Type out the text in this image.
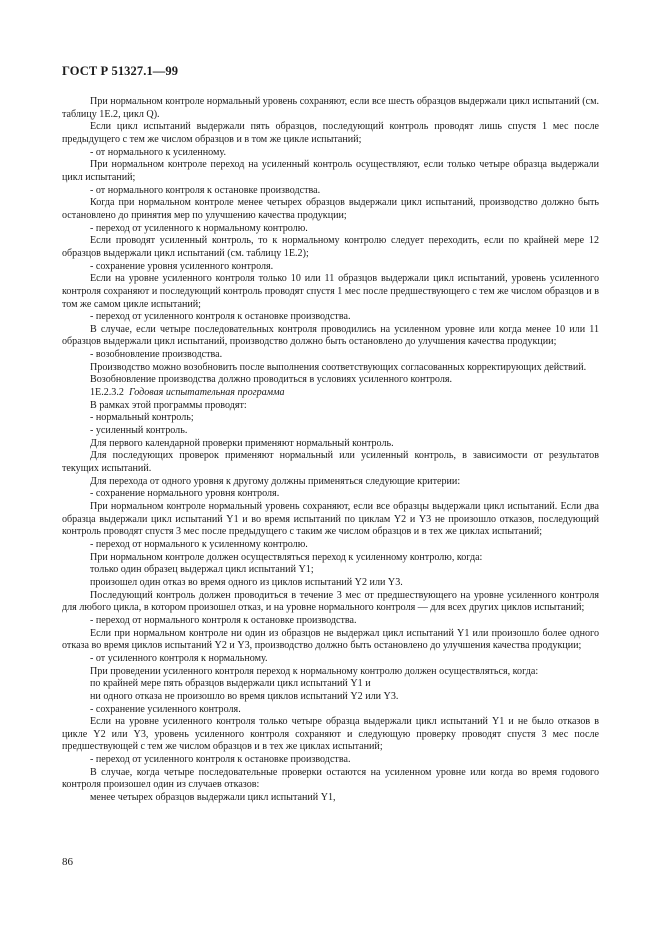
ГОСТ Р 51327.1—99

При нормальном контроле нормальный уровень сохраняют, если все шесть образцов выдержали цикл испытаний (см. таблицу 1Е.2, цикл Q).

Если цикл испытаний выдержали пять образцов, последующий контроль проводят лишь спустя 1 мес после предыдущего с тем же числом образцов и в том же цикле испытаний;

- от нормального к усиленному.

При нормальном контроле переход на усиленный контроль осуществляют, если только четыре образца выдержали цикл испытаний;

- от нормального контроля к остановке производства.

Когда при нормальном контроле менее четырех образцов выдержали цикл испытаний, производство должно быть остановлено до принятия мер по улучшению качества продукции;

- переход от усиленного к нормальному контролю.

Если проводят усиленный контроль, то к нормальному контролю следует переходить, если по крайней мере 12 образцов выдержали цикл испытаний (см. таблицу 1Е.2);

- сохранение уровня усиленного контроля.

Если на уровне усиленного контроля только 10 или 11 образцов выдержали цикл испытаний, уровень усиленного контроля сохраняют и последующий контроль проводят спустя 1 мес после предшествующего с тем же числом образцов и в том же самом цикле испытаний;

- переход от усиленного контроля к остановке производства.

В случае, если четыре последовательных контроля проводились на усиленном уровне или когда менее 10 или 11 образцов выдержали цикл испытаний, производство должно быть остановлено до улучшения качества продукции;

- возобновление производства.

Производство можно возобновить после выполнения соответствующих согласованных корректирующих действий.

Возобновление производства должно проводиться в условиях усиленного контроля.

1Е.2.3.2 Годовая испытательная программа

В рамках этой программы проводят:

- нормальный контроль;

- усиленный контроль.

Для первого календарной проверки применяют нормальный контроль.

Для последующих проверок применяют нормальный или усиленный контроль, в зависимости от результатов текущих испытаний.

Для перехода от одного уровня к другому должны применяться следующие критерии:

- сохранение нормального уровня контроля.

При нормальном контроле нормальный уровень сохраняют, если все образцы выдержали цикл испытаний. Если два образца выдержали цикл испытаний Y1 и во время испытаний по циклам Y2 и Y3 не произошло отказов, последующий контроль проводят спустя 3 мес после предыдущего с таким же числом образцов и в тех же циклах испытаний;

- переход от нормального к усиленному контролю.

При нормальном контроле должен осуществляться переход к усиленному контролю, когда:

только один образец выдержал цикл испытаний Y1;

произошел один отказ во время одного из циклов испытаний Y2 или Y3.

Последующий контроль должен проводиться в течение 3 мес от предшествующего на уровне усиленного контроля для любого цикла, в котором произошел отказ, и на уровне нормального контроля — для всех других циклов испытаний;

- переход от нормального контроля к остановке производства.

Если при нормальном контроле ни один из образцов не выдержал цикл испытаний Y1 или произошло более одного отказа во время циклов испытаний Y2 и Y3, производство должно быть остановлено до улучшения качества продукции;

- от усиленного контроля к нормальному.

При проведении усиленного контроля переход к нормальному контролю должен осуществляться, когда:

по крайней мере пять образцов выдержали цикл испытаний Y1 и

ни одного отказа не произошло во время циклов испытаний Y2 или Y3.

- сохранение усиленного контроля.

Если на уровне усиленного контроля только четыре образца выдержали цикл испытаний Y1 и не было отказов в цикле Y2 или Y3, уровень усиленного контроля сохраняют и следующую проверку проводят спустя 3 мес после предшествующей с тем же числом образцов и в тех же циклах испытаний;

- переход от усиленного контроля к остановке производства.

В случае, когда четыре последовательные проверки остаются на усиленном уровне или когда во время годового контроля произошел один из случаев отказов:

менее четырех образцов выдержали цикл испытаний Y1,

86
